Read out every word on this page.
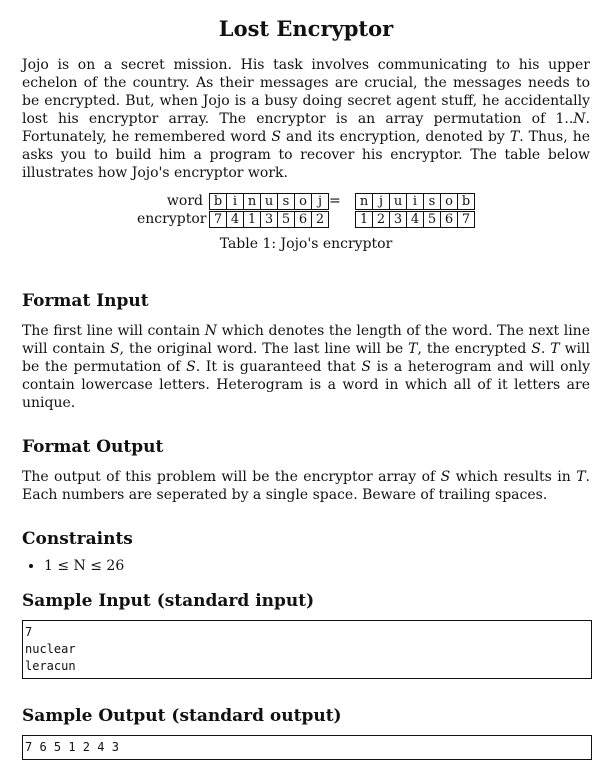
Lost Encryptor

Jojo is on a secret mission. His task involves communicating to his upper echelon of the country. As their messages are crucial, the messages needs to be encrypted. But, when Jojo is a busy doing secret agent stuff, he accidentally lost his encryptor array. The encryptor is an array permutation of 1..N. Fortunately, he remembered word S and its encryption, denoted by T. Thus, he asks you to build him a program to recover his encryptor. The table below illustrates how Jojo's encryptor work.

word b i n u s o j
encryptor 7 4 1 3 5 6 2
=	n j u i s o b
1 2 3 4 5 6 7
Table 1: Jojo's encryptor
Format Input

The first line will contain N which denotes the length of the word. The next line will contain S, the original word. The last line will be T, the encrypted S. T will be the permutation of S. It is guaranteed that S is a heterogram and will only contain lowercase letters. Heterogram is a word in which all of it letters are unique.

Format Output

The output of this problem will be the encryptor array of S which results in T. Each numbers are seperated by a single space. Beware of trailing spaces.

Constraints
• 1 ≤ N ≤ 26
Sample Input (standard input)
7
nuclear
leracun
Sample Output (standard output)
7 6 5 1 2 4 3
